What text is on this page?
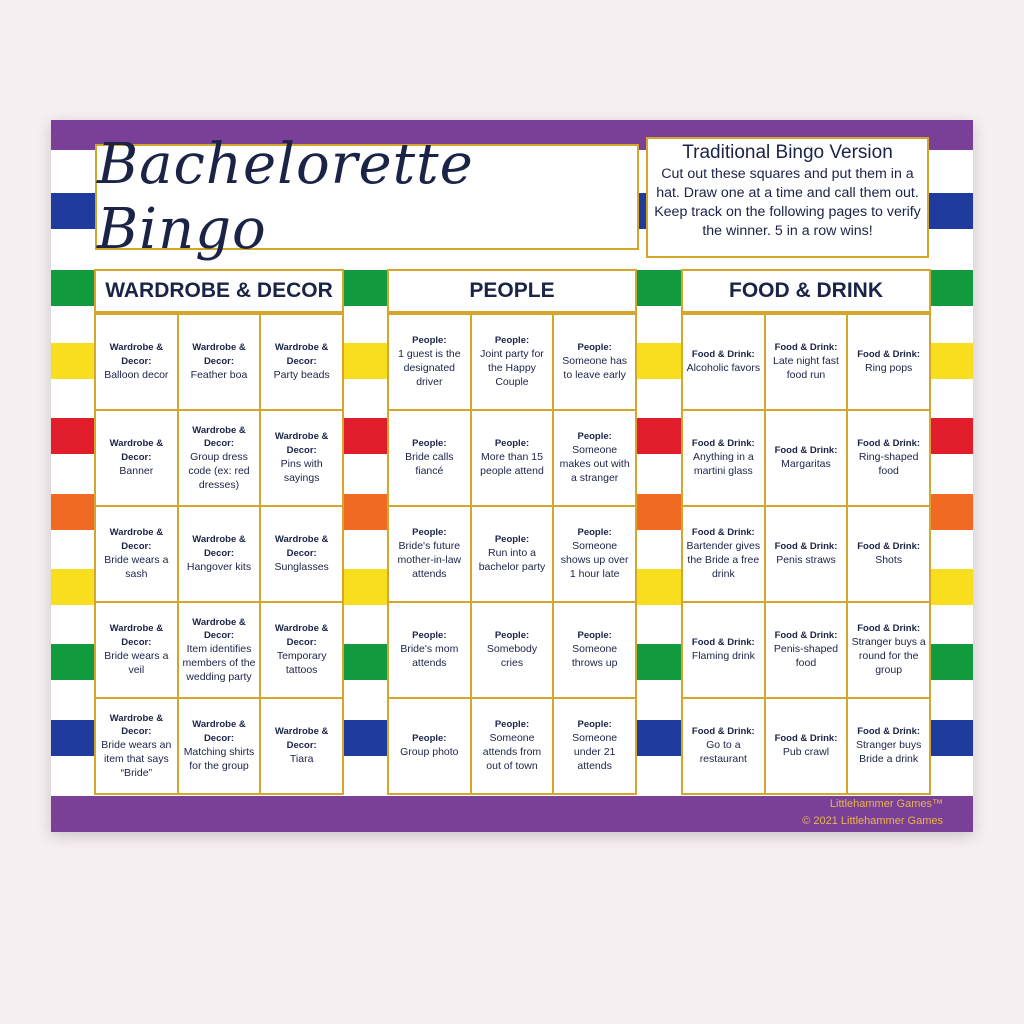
Bachelorette Bingo
Traditional Bingo Version
Cut out these squares and put them in a hat. Draw one at a time and call them out. Keep track on the following pages to verify the winner. 5 in a row wins!
WARDROBE & DECOR
Wardrobe & Decor:
Balloon decor
Wardrobe & Decor:
Feather boa
Wardrobe & Decor:
Party beads
Wardrobe & Decor:
Banner
Wardrobe & Decor:
Group dress code (ex: red dresses)
Wardrobe & Decor:
Pins with sayings
Wardrobe & Decor:
Bride wears a sash
Wardrobe & Decor:
Hangover kits
Wardrobe & Decor:
Sunglasses
Wardrobe & Decor:
Bride wears a veil
Wardrobe & Decor:
Item identifies members of the wedding party
Wardrobe & Decor:
Temporary tattoos
Wardrobe & Decor:
Bride wears an item that says “Bride”
Wardrobe & Decor:
Matching shirts for the group
Wardrobe & Decor:
Tiara
PEOPLE
People:
1 guest is the designated driver
People:
Joint party for the Happy Couple
People:
Someone has to leave early
People:
Bride calls fiancé
People:
More than 15 people attend
People:
Someone makes out with a stranger
People:
Bride's future mother-in-law attends
People:
Run into a bachelor party
People:
Someone shows up over 1 hour late
People:
Bride's mom attends
People:
Somebody cries
People:
Someone throws up
People:
Group photo
People:
Someone attends from out of town
People:
Someone under 21 attends
FOOD & DRINK
Food & Drink:
Alcoholic favors
Food & Drink:
Late night fast food run
Food & Drink:
Ring pops
Food & Drink:
Anything in a martini glass
Food & Drink:
Margaritas
Food & Drink:
Ring-shaped food
Food & Drink:
Bartender gives the Bride a free drink
Food & Drink:
Penis straws
Food & Drink:
Shots
Food & Drink:
Flaming drink
Food & Drink:
Penis-shaped food
Food & Drink:
Stranger buys a round for the group
Food & Drink:
Go to a restaurant
Food & Drink:
Pub crawl
Food & Drink:
Stranger buys Bride a drink
Littlehammer Games™
© 2021 Littlehammer Games
